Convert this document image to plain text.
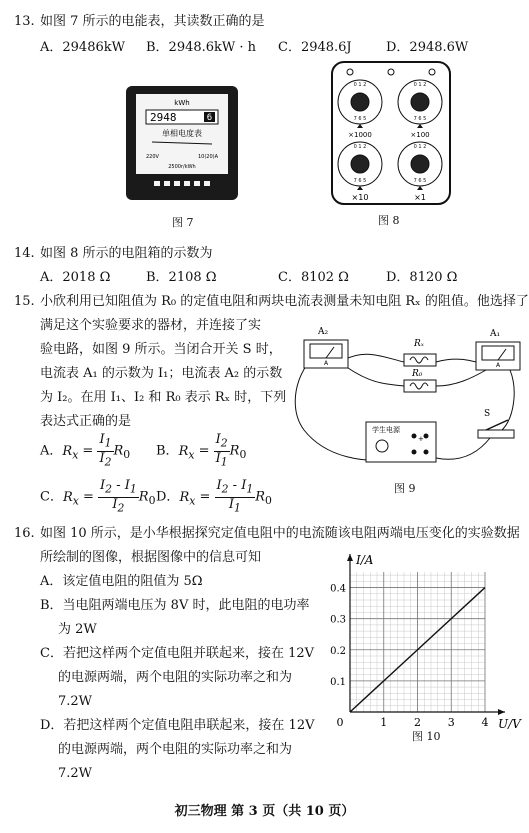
13. 如图 7 所示的电能表，其读数正确的是
A．29486kW B．2948.6kW · h C．2948.6J	D．2948.6W
kWh
2948	6
单相电度表
220V	10(20)A
2500r/kWh
图 7
0 1 2
7 6 5
0 1 2
7 6 5
0 1 2
7 6 5
0 1 2
7 6 5
×1000	×100
×10	×1
图 8
14. 如图 8 所示的电阻箱的示数为
A．2018 Ω	B．2108 Ω	C．8102 Ω	D．8120 Ω
15. 小欣利用已知阻值为 R₀ 的定值电阻和两块电流表测量未知电阻 Rₓ 的阻值。他选择了
满足这个实验要求的器材，并连接了实
验电路，如图 9 所示。当闭合开关 S 时，
电流表 A₁ 的示数为 I₁；电流表 A₂ 的示数
为 I₂。在用 I₁、I₂ 和 R₀ 表示 Rₓ 时，下列
表达式正确的是
A．$R_x = \frac{I_1}{I_2} R_0$ B．$R_x = \frac{I_2}{I_1} R_0$
C．$R_x = \frac{I_2 - I_1}{I_2} R_0$ D．$R_x = \frac{I_2 - I_1}{I_1} R_0$
A
A₂
Rₓ
R₀
A
A₁
学生电源
+
S
图 9
16. 如图 10 所示，是小华根据探究定值电阻中的电流随该电阻两端电压变化的实验数据
所绘制的图像，根据图像中的信息可知
A．该定值电阻的阻值为 5Ω
B．当电阻两端电压为 8V 时，此电阻的电功率
为 2W
C．若把这样两个定值电阻并联起来，接在 12V
的电源两端，两个电阻的实际功率之和为
7.2W
D．若把这样两个定值电阻串联起来，接在 12V
的电源两端，两个电阻的实际功率之和为
7.2W
0	1 2 3 4
0.1
0.2
0.3
0.4
I/A
U/V
图 10
初三物理 第 3 页（共 10 页）
